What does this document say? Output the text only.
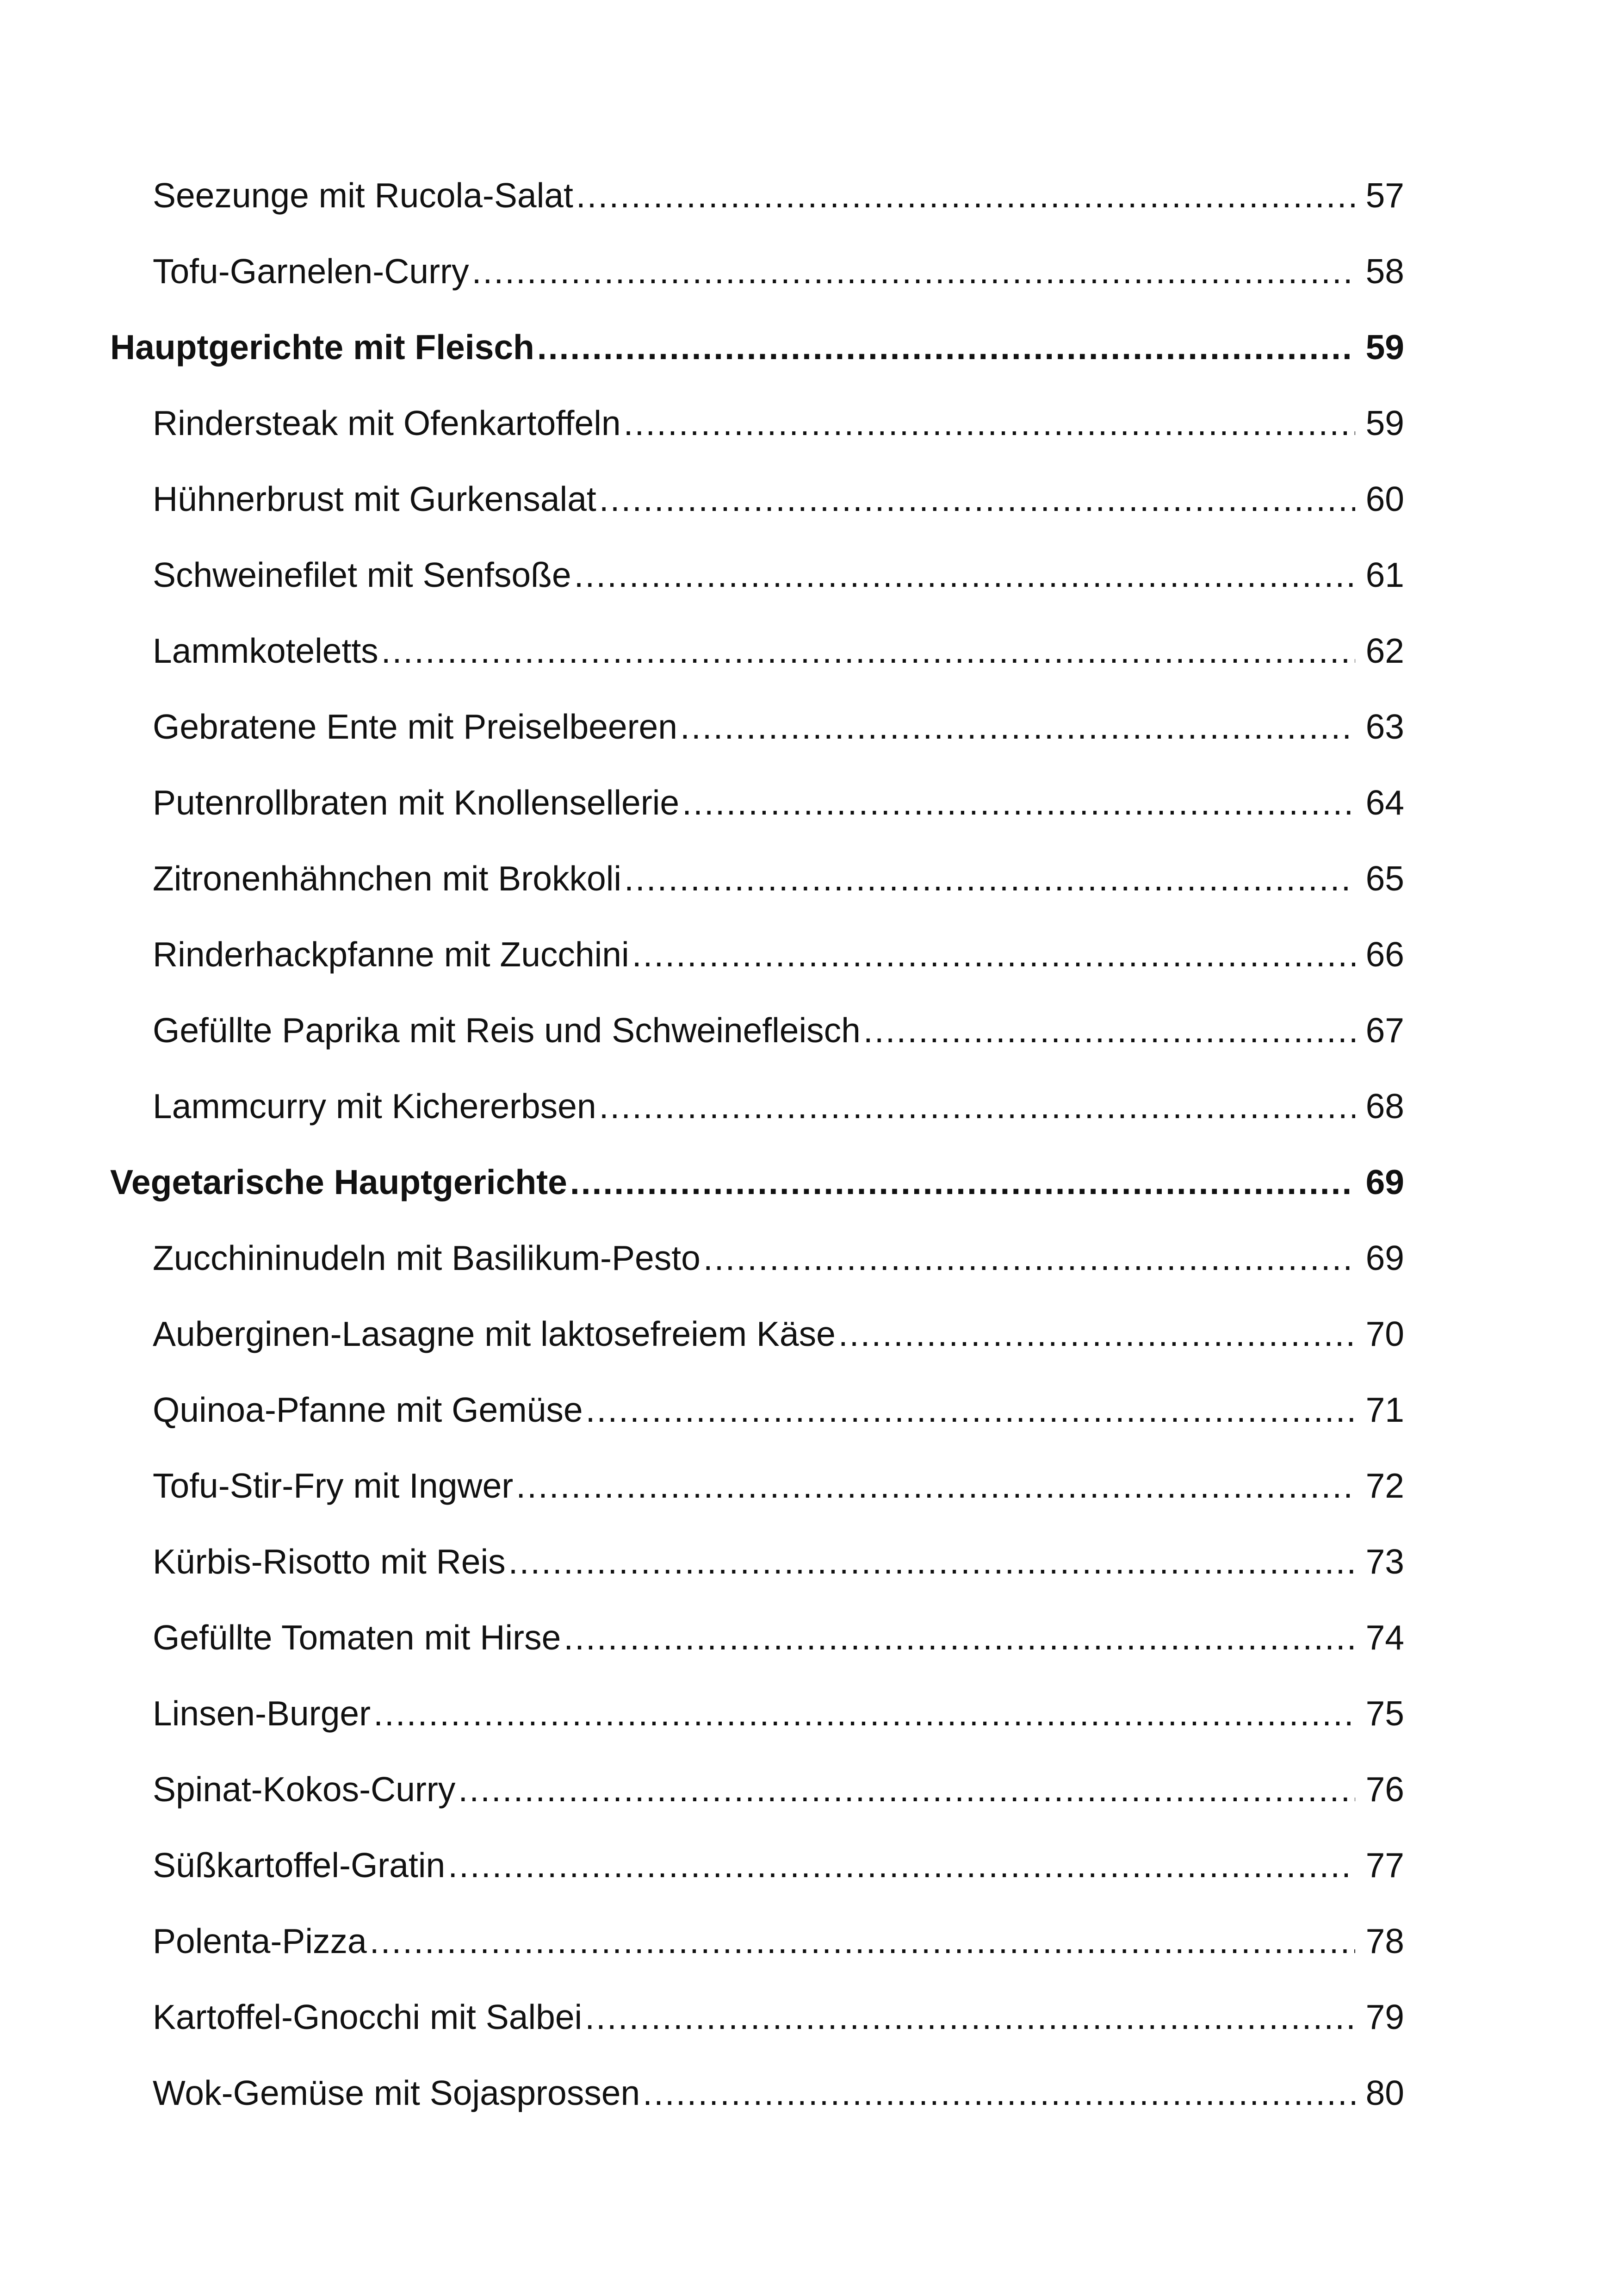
Seezunge mit Rucola-Salat .....	57
Tofu-Garnelen-Curry .....	58
Hauptgerichte mit Fleisch .....	59
Rindersteak mit Ofenkartoffeln .....	59
Hühnerbrust mit Gurkensalat .....	60
Schweinefilet mit Senfsoße .....	61
Lammkoteletts .....	62
Gebratene Ente mit Preiselbeeren .....	63
Putenrollbraten mit Knollensellerie .....	64
Zitronenhähnchen mit Brokkoli .....	65
Rinderhackpfanne mit Zucchini .....	66
Gefüllte Paprika mit Reis und Schweinefleisch .....	67
Lammcurry mit Kichererbsen .....	68
Vegetarische Hauptgerichte .....	69
Zucchininudeln mit Basilikum-Pesto .....	69
Auberginen-Lasagne mit laktosefreiem Käse .....	70
Quinoa-Pfanne mit Gemüse .....	71
Tofu-Stir-Fry mit Ingwer .....	72
Kürbis-Risotto mit Reis .....	73
Gefüllte Tomaten mit Hirse .....	74
Linsen-Burger .....	75
Spinat-Kokos-Curry .....	76
Süßkartoffel-Gratin .....	77
Polenta-Pizza .....	78
Kartoffel-Gnocchi mit Salbei .....	79
Wok-Gemüse mit Sojasprossen .....	80
